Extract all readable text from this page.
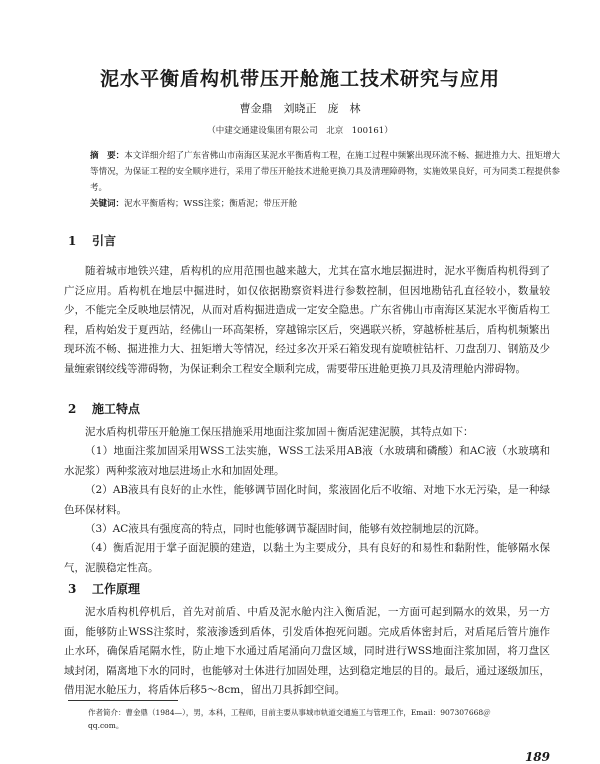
泥水平衡盾构机带压开舱施工技术研究与应用
曹金鼎　刘晓正　庞　林
（中建交通建设集团有限公司　北京　100161）
摘　要：本文详细介绍了广东省佛山市南海区某泥水平衡盾构工程，在施工过程中频繁出现环流不畅、掘进推力大、扭矩增大等情况，为保证工程的安全顺序进行，采用了带压开舱技术进舱更换刀具及清理障碍物，实施效果良好，可为同类工程提供参考。
关键词：泥水平衡盾构；WSS注浆；衡盾泥；带压开舱
1 引言

随着城市地铁兴建，盾构机的应用范围也越来越大，尤其在富水地层掘进时，泥水平衡盾构机得到了广泛应用。盾构机在地层中掘进时，如仅依据勘察资料进行参数控制，但因地勘钻孔直径较小，数量较少，不能完全反映地层情况，从而对盾构掘进造成一定安全隐患。广东省佛山市南海区某泥水平衡盾构工程，盾构始发于夏西站，经佛山一环高架桥，穿越锦宗区后，突遇联兴桥，穿越桥桩基后，盾构机频繁出现环流不畅、掘进推力大、扭矩增大等情况，经过多次开采石箱发现有旋喷桩钻杆、刀盘刮刀、钢筋及少量缠索钢绞线等滞碍物，为保证剩余工程安全顺利完成，需要带压进舱更换刀具及清理舱内滞碍物。

2 施工特点

泥水盾构机带压开舱施工保压措施采用地面注浆加固＋衡盾泥建泥膜，其特点如下：

（1）地面注浆加固采用WSS工法实施，WSS工法采用AB液（水玻璃和磷酸）和AC液（水玻璃和水泥浆）两种浆液对地层进场止水和加固处理。

（2）AB液具有良好的止水性，能够调节固化时间，浆液固化后不收缩、对地下水无污染，是一种绿色环保材料。

（3）AC液具有强度高的特点，同时也能够调节凝固时间，能够有效控制地层的沉降。

（4）衡盾泥用于掌子面泥膜的建造，以黏土为主要成分，具有良好的和易性和黏附性，能够隔水保气，泥膜稳定性高。

3 工作原理

泥水盾构机停机后，首先对前盾、中盾及泥水舱内注入衡盾泥，一方面可起到隔水的效果，另一方面，能够防止WSS注浆时，浆液渗透到盾体，引发盾体抱死问题。完成盾体密封后，对盾尾后管片施作止水环，确保盾尾隔水性，防止地下水通过盾尾涌向刀盘区域，同时进行WSS地面注浆加固，将刀盘区域封闭，隔离地下水的同时，也能够对土体进行加固处理，达到稳定地层的目的。最后，通过逐级加压，借用泥水舱压力，将盾体后移5～8cm，留出刀具拆卸空间。

作者简介：曹金鼎（1984—），男，本科，工程师，目前主要从事城市轨道交通施工与管理工作，Email：907307668＠
qq.com。
189
